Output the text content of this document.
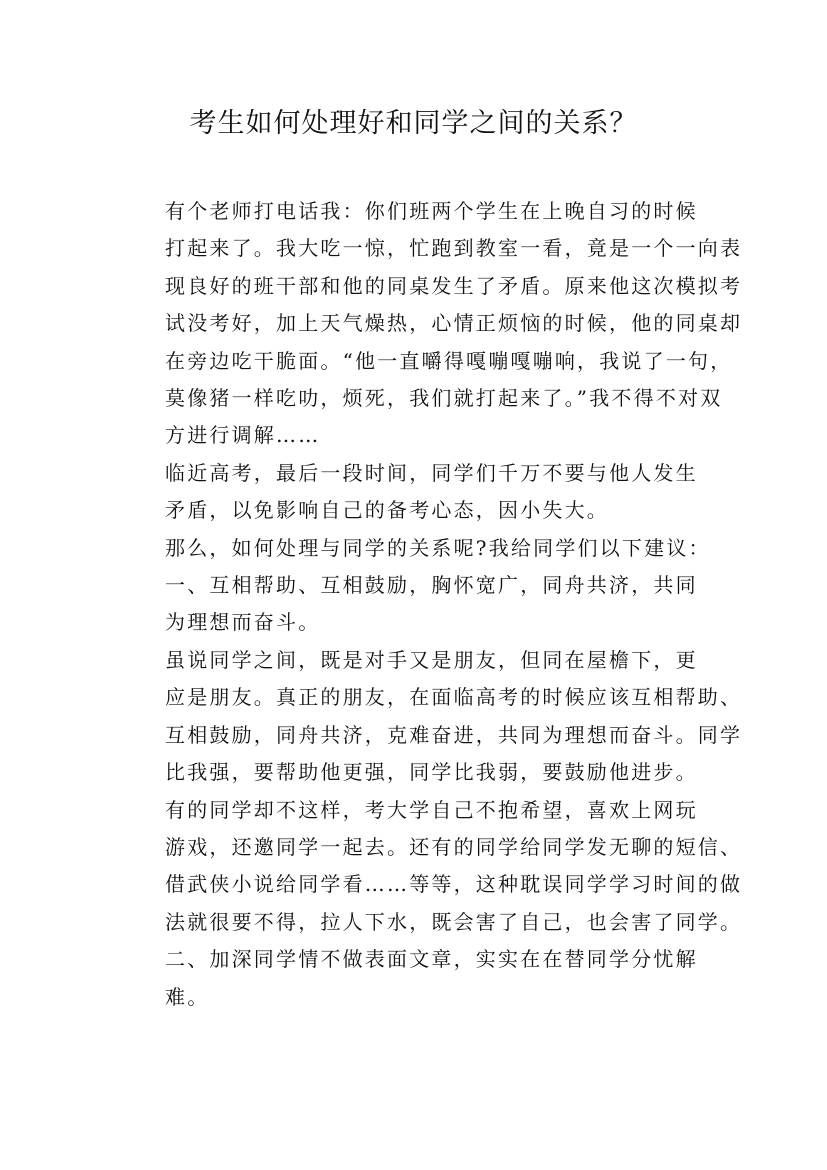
考生如何处理好和同学之间的关系？

有个老师打电话我：你们班两个学生在上晚自习的时候
打起来了。我大吃一惊，忙跑到教室一看，竟是一个一向表
现良好的班干部和他的同桌发生了矛盾。原来他这次模拟考
试没考好，加上天气燥热，心情正烦恼的时候，他的同桌却
在旁边吃干脆面。“他一直嚼得嘎嘣嘎嘣响，我说了一句，
莫像猪一样吃叻，烦死，我们就打起来了。”我不得不对双
方进行调解……

临近高考，最后一段时间，同学们千万不要与他人发生
矛盾，以免影响自己的备考心态，因小失大。

那么，如何处理与同学的关系呢?我给同学们以下建议：

一、互相帮助、互相鼓励，胸怀宽广，同舟共济，共同
为理想而奋斗。

虽说同学之间，既是对手又是朋友，但同在屋檐下，更
应是朋友。真正的朋友，在面临高考的时候应该互相帮助、
互相鼓励，同舟共济，克难奋进，共同为理想而奋斗。同学
比我强，要帮助他更强，同学比我弱，要鼓励他进步。

有的同学却不这样，考大学自己不抱希望，喜欢上网玩
游戏，还邀同学一起去。还有的同学给同学发无聊的短信、
借武侠小说给同学看……等等，这种耽误同学学习时间的做
法就很要不得，拉人下水，既会害了自己，也会害了同学。

二、加深同学情不做表面文章，实实在在替同学分忧解
难。
